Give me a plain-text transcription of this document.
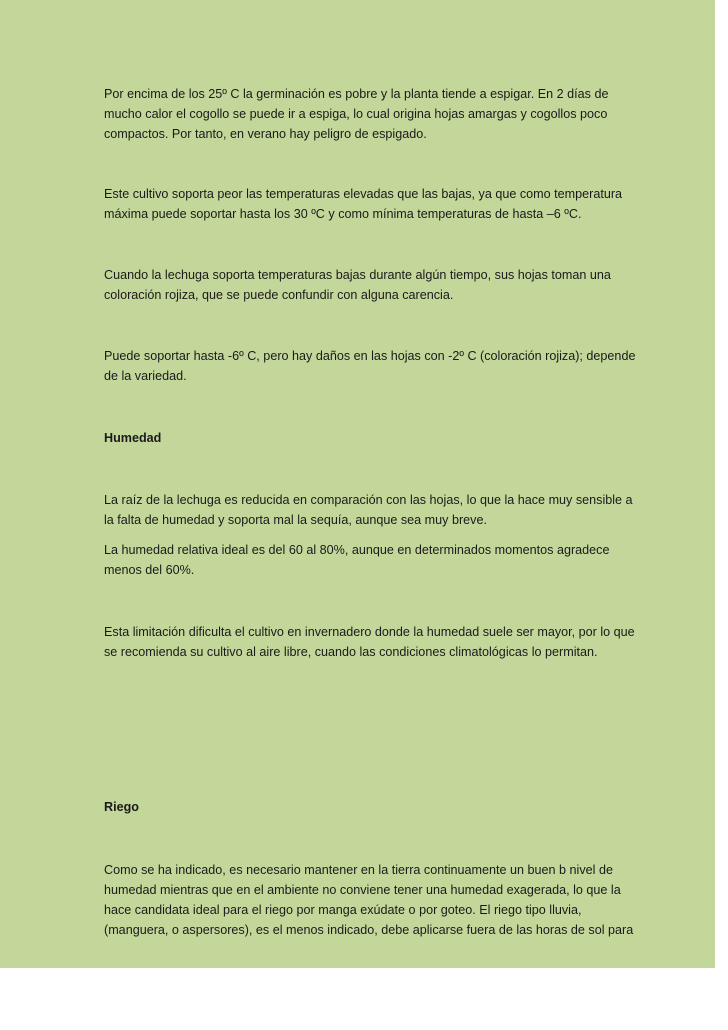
Por encima de los 25º C la germinación es pobre y la planta tiende a espigar. En 2 días de mucho calor el cogollo se puede ir a espiga, lo cual origina hojas amargas y cogollos poco compactos. Por tanto, en verano hay peligro de espigado.

Este cultivo soporta peor las temperaturas elevadas que las bajas, ya que como temperatura máxima puede soportar hasta los 30 ºC y como mínima temperaturas de hasta –6 ºC.

Cuando la lechuga soporta temperaturas bajas durante algún tiempo, sus hojas toman una coloración rojiza, que se puede confundir con alguna carencia.

Puede soportar hasta -6º C, pero hay daños en las hojas con -2º C (coloración rojiza); depende de la variedad.

Humedad

La raíz de la lechuga es reducida en comparación con las hojas, lo que la hace muy sensible a la falta de humedad y soporta mal la sequía, aunque sea muy breve.

La humedad relativa ideal es del 60 al 80%, aunque en determinados momentos agradece menos del 60%.

Esta limitación dificulta el cultivo en invernadero donde la humedad suele ser mayor, por lo que se recomienda su cultivo al aire libre, cuando las condiciones climatológicas lo permitan.

Riego

Como se ha indicado, es necesario mantener en la tierra continuamente un buen b nivel de humedad mientras que en el ambiente no conviene tener una humedad exagerada, lo que la hace candidata ideal para el riego por manga exúdate o por goteo. El riego tipo lluvia, (manguera, o aspersores), es el menos indicado, debe aplicarse fuera de las horas de sol para
